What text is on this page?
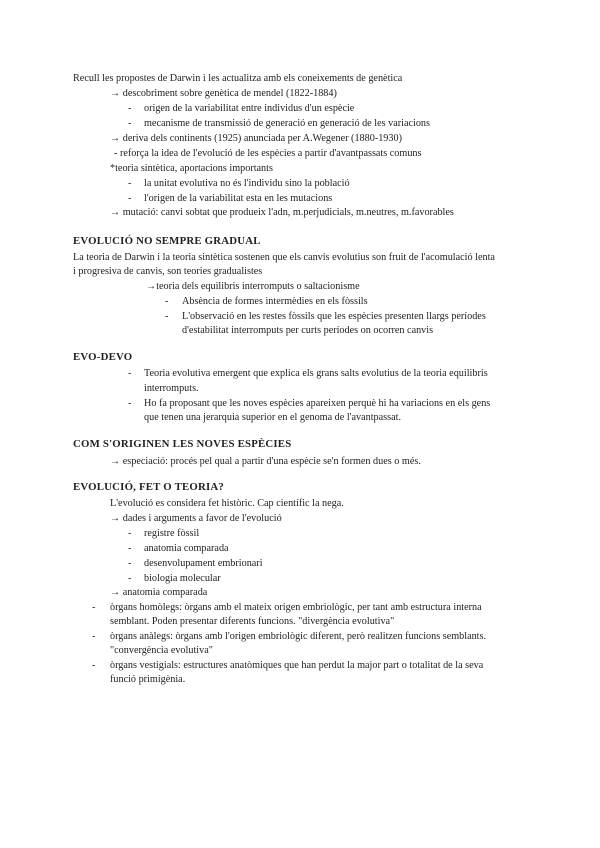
Recull les propostes de Darwin i les actualitza amb els coneixements de genètica
→ descobriment sobre genètica de mendel (1822-1884)
- origen de la variabilitat entre individus d'un espècie
- mecanisme de transmissió de generació en generació de les variacions
→ deriva dels continents (1925) anunciada per A.Wegener (1880-1930)
- reforça la idea de l'evolució de les espècies a partir d'avantpassats comuns
*teoria sintètica, aportacions importants
- la unitat evolutiva no és l'individu sino la població
- l'origen de la variabilitat esta en les mutacions
→ mutació: canvi sobtat que produeix l'adn, m.perjudicials, m.neutres, m.favorables
EVOLUCIÓ NO SEMPRE GRADUAL
La teoria de Darwin i la teoria sintètica sostenen que els canvis evolutius son fruit de l'acomulació lenta
i progresiva de canvis, son teories gradualistes
→teoria dels equilibris interromputs o saltacionisme
- Absència de formes intermèdies en els fòssils
- L'observació en les restes fòssils que les espècies presenten llargs períodes
d'estabilitat interromputs per curts períodes on ocorren canvis
EVO-DEVO
- Teoria evolutiva emergent que explica els grans salts evolutius de la teoria equilibris
interromputs.
- Ho fa proposant que les noves espècies apareixen perquè hi ha variacions en els gens
que tenen una jerarquia superior en el genoma de l'avantpassat.
COM S'ORIGINEN LES NOVES ESPÈCIES
→ especiació: procés pel qual a partir d'una espècie se'n formen dues o més.
EVOLUCIÓ, FET O TEORIA?
L'evolució es considera fet històric. Cap científic la nega.
→ dades i arguments a favor de l'evolució
- registre fòssil
- anatomia comparada
- desenvolupament embrionari
- biologia molecular
→ anatomia comparada
- òrgans homòlegs: òrgans amb el mateix origen embriològic, per tant amb estructura interna
semblant. Poden presentar diferents funcions. "divergència evolutiva"
- òrgans anàlegs: òrgans amb l'origen embriològic diferent, però realitzen funcions semblants.
"convergència evolutiva"
- òrgans vestigials: estructures anatòmiques que han perdut la major part o totalitat de la seva
funció primigènia.
